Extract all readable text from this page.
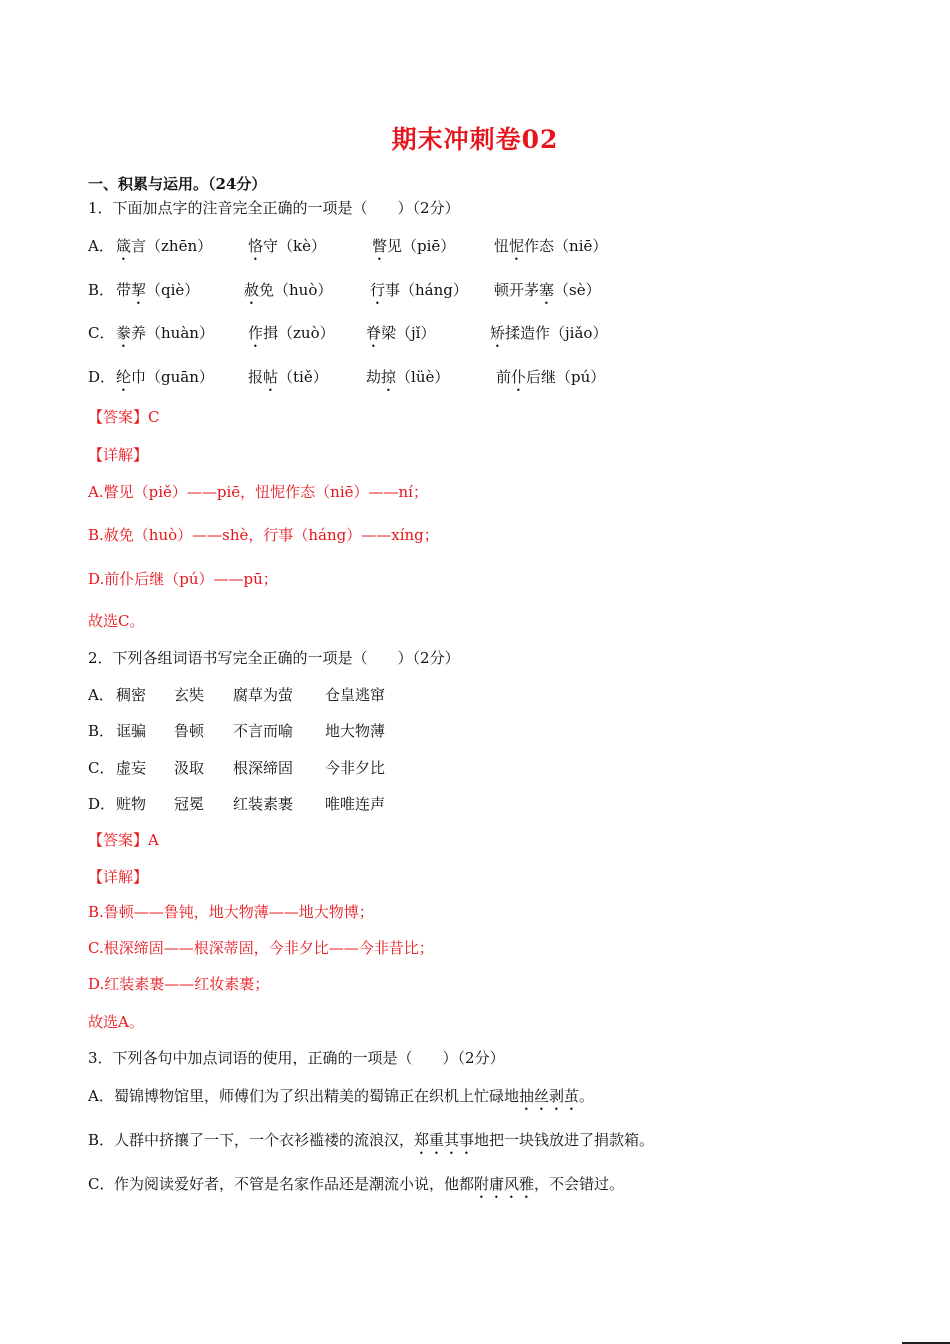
期末冲刺卷02
一、积累与运用。（24分）
1．下面加点字的注音完全正确的一项是（　　）（2分）
A． 箴言（zhēn） 恪守（kè）	瞥见（piē）	忸怩作态（niē）
B． 带挈（qiè）	赦免（huò）	行事（háng） 顿开茅塞（sè）
C． 豢养（huàn） 作揖（zuò） 脊梁（jǐ）	矫揉造作（jiǎo）
D． 纶巾（guān） 报帖（tiě）	劫掠（lüè）	前仆后继（pú）
【答案】C
【详解】
A.瞥见（piě）——piē，忸怩作态（niē）——ní；
B.赦免（huò）——shè，行事（háng）——xíng；
D.前仆后继（pú）——pū；
故选C。
2．下列各组词语书写完全正确的一项是（　　）（2分）
A． 稠密 玄奘 腐草为萤 仓皇逃窜
B． 诓骗 鲁顿 不言而喻 地大物薄
C． 虚妄 汲取 根深缔固 今非夕比
D． 赃物 冠冕 红装素裹 唯唯连声
【答案】A
【详解】
B.鲁顿——鲁钝，地大物薄——地大物博；
C.根深缔固——根深蒂固，今非夕比——今非昔比；
D.红装素裹——红妆素裹；
故选A。
3．下列各句中加点词语的使用，正确的一项是（　　）（2分）
A．蜀锦博物馆里，师傅们为了织出精美的蜀锦正在织机上忙碌地抽丝剥茧。
B．人群中挤攘了一下，一个衣衫褴褛的流浪汉，郑重其事地把一块钱放进了捐款箱。
C．作为阅读爱好者，不管是名家作品还是潮流小说，他都附庸风雅，不会错过。
